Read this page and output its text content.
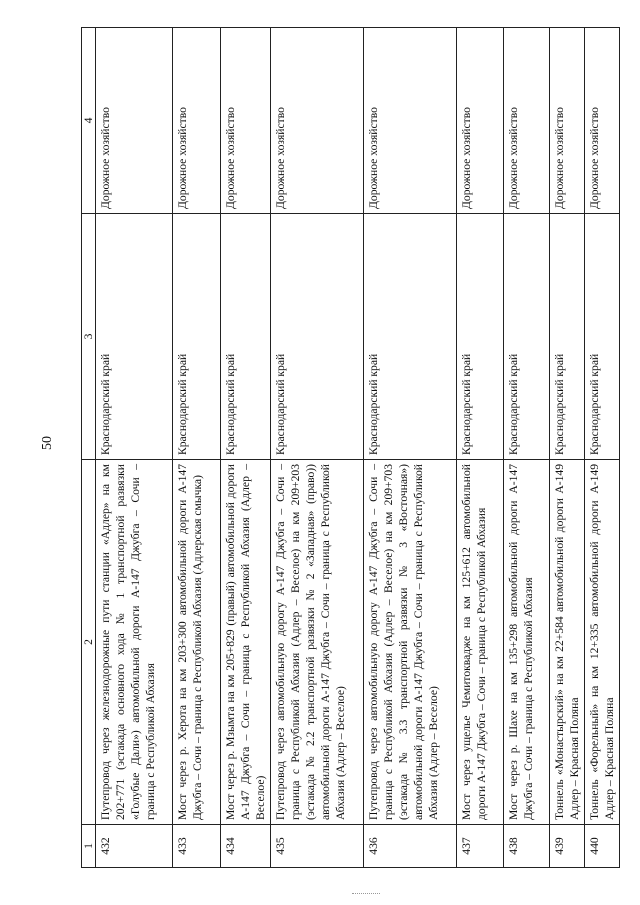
50
1	2	3	4
432	Путепровод через железнодорожные пути станции «Адлер» на км 202+771 (эстакада основного хода № 1 транспортной развязки «Голубые Дали») автомобильной дороги А-147 Джубга – Сочи – граница с Республикой Абхазия	Краснодарский край	Дорожное хозяйство
433	Мост через р. Херота на км 203+300 автомобильной дороги А-147 Джубга – Сочи – граница с Республикой Абхазия (Адлерская смычка)	Краснодарский край	Дорожное хозяйство
434	Мост через р. Мзымта на км 205+829 (правый) автомобильной дороги А-147 Джубга – Сочи – граница с Республикой Абхазия (Адлер – Веселое)	Краснодарский край	Дорожное хозяйство
435	Путепровод через автомобильную дорогу А-147 Джубга – Сочи – граница с Республикой Абхазия (Адлер – Веселое) на км 209+203 (эстакада № 2.2 транспортной развязки № 2 «Западная» (право)) автомобильной дороги А-147 Джубга – Сочи – граница с Республикой Абхазия (Адлер – Веселое)	Краснодарский край	Дорожное хозяйство
436	Путепровод через автомобильную дорогу А-147 Джубга – Сочи – граница с Республикой Абхазия (Адлер – Веселое) на км 209+703 (эстакада № 3.3 транспортной развязки № 3 «Восточная») автомобильной дороги А-147 Джубга – Сочи – граница с Республикой Абхазия (Адлер – Веселое)	Краснодарский край	Дорожное хозяйство
437	Мост через ущелье Чемитоквадже на км 125+612 автомобильной дороги А-147 Джубга – Сочи – граница с Республикой Абхазия	Краснодарский край	Дорожное хозяйство
438	Мост через р. Шахе на км 135+298 автомобильной дороги А-147 Джубга – Сочи – граница с Республикой Абхазия	Краснодарский край	Дорожное хозяйство
439	Тоннель «Монастырский» на км 22+584 автомобильной дороги А-149 Адлер – Красная Поляна	Краснодарский край	Дорожное хозяйство
440	Тоннель «Форельный» на км 12+335 автомобильной дороги А-149 Адлер – Красная Поляна	Краснодарский край	Дорожное хозяйство
